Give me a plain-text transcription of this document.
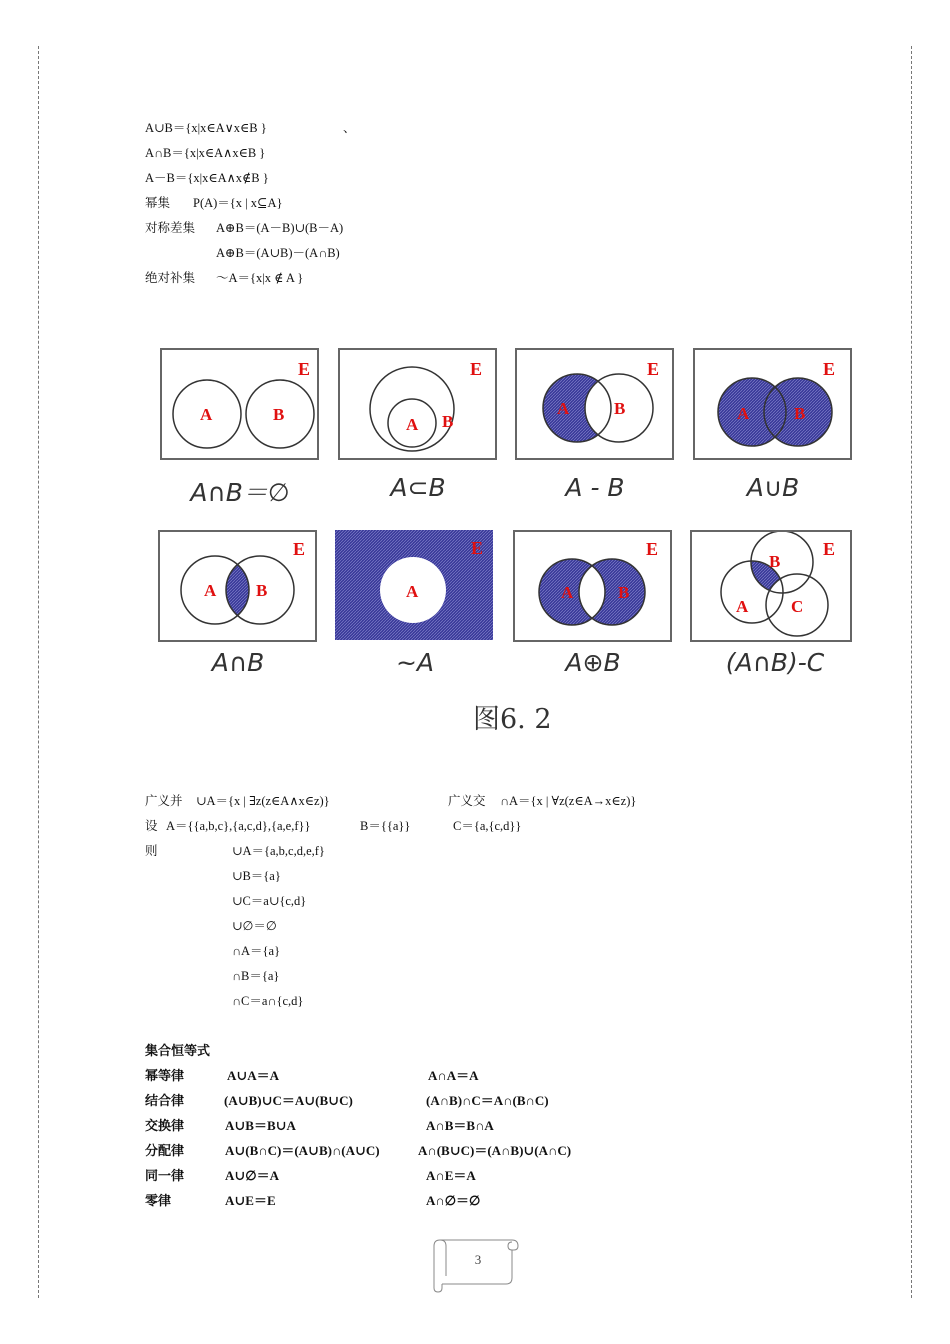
A∪B＝{x|x∈A∨x∈B }	、
A∩B＝{x|x∈A∧x∈B }
A－B＝{x|x∈A∧x∉B }
幂集 P(A)＝{x | x⊆A}
对称差集 A⊕B＝(A－B)∪(B－A)
A⊕B＝(A∪B)－(A∩B)
绝对补集 ～A＝{x|x ∉ A }
E
A	B
A∩B＝∅
E
A B
A⊂B
E
A	B
A - B
E
A	B
A∪B
E
A B
A∩B
E
A
~A
E
A	B
A⊕B
E
A
B
C
(A∩B)-C
图6. 2
广义并 ∪A＝{x | ∃z(z∈A∧x∈z)}	广义交 ∩A＝{x | ∀z(z∈A→x∈z)}
设 A＝{{a,b,c},{a,c,d},{a,e,f}}	B＝{{a}}	C＝{a,{c,d}}
则	∪A＝{a,b,c,d,e,f}
∪B＝{a}
∪C＝a∪{c,d}
∪∅＝∅
∩A＝{a}
∩B＝{a}
∩C＝a∩{c,d}
集合恒等式
幂等律	A∪A＝A	A∩A＝A
结合律	(A∪B)∪C＝A∪(B∪C)	(A∩B)∩C＝A∩(B∩C)
交换律	A∪B＝B∪A	A∩B＝B∩A
分配律	A∪(B∩C)＝(A∪B)∩(A∪C)	A∩(B∪C)＝(A∩B)∪(A∩C)
同一律	A∪∅＝A	A∩E＝A
零律	A∪E＝E	A∩∅＝∅
3
